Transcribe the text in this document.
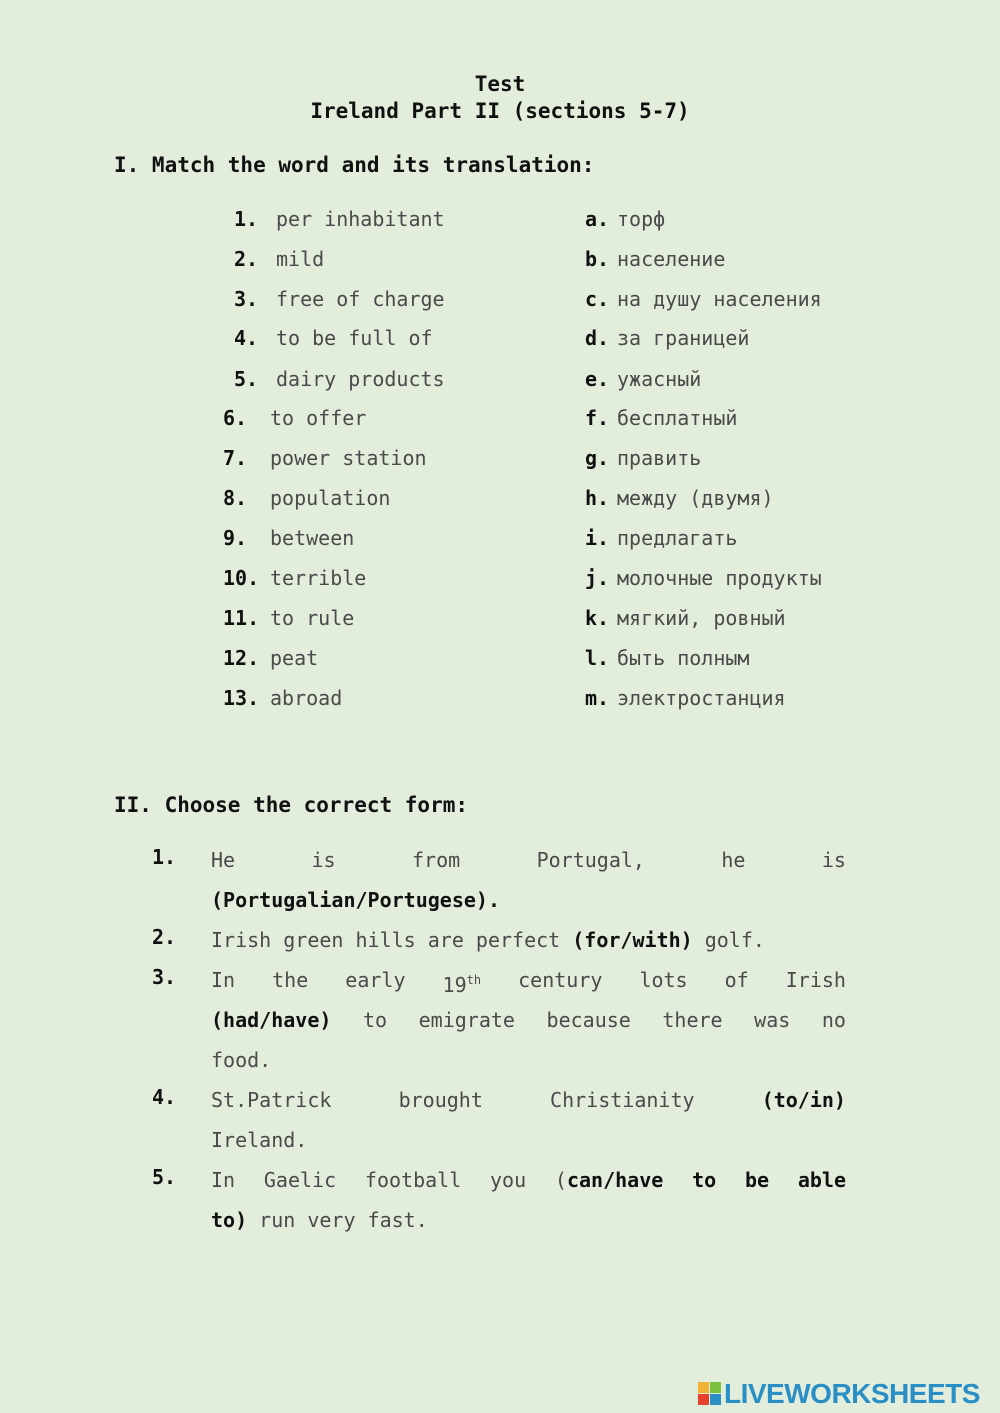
Test
Ireland Part II (sections 5-7)
I. Match the word and its translation:
1. per inhabitant	a. торф
2. mild	b. население
3. free of charge	c. на душу населения
4. to be full of	d. за границей
5. dairy products	e. ужасный
6. to offer	f. бесплатный
7. power station	g. править
8. population	h. между (двумя)
9. between	i. предлагать
10. terrible	j. молочные продукты
11. to rule	k. мягкий, ровный
12. peat	l. быть полным
13. abroad	m. электростанция
II. Choose the correct form:
1. He	is	from	Portugal,	he	is
(Portugalian/Portugese).
2. Irish green hills are perfect (for/with) golf.
3. In the early 19th century lots of Irish
(had/have) to emigrate because there was no
food.
4. St.Patrick	brought	Christianity	(to/in)
Ireland.
5. In Gaelic football you (can/have to be able
to) run very fast.
LIVEWORKSHEETS
